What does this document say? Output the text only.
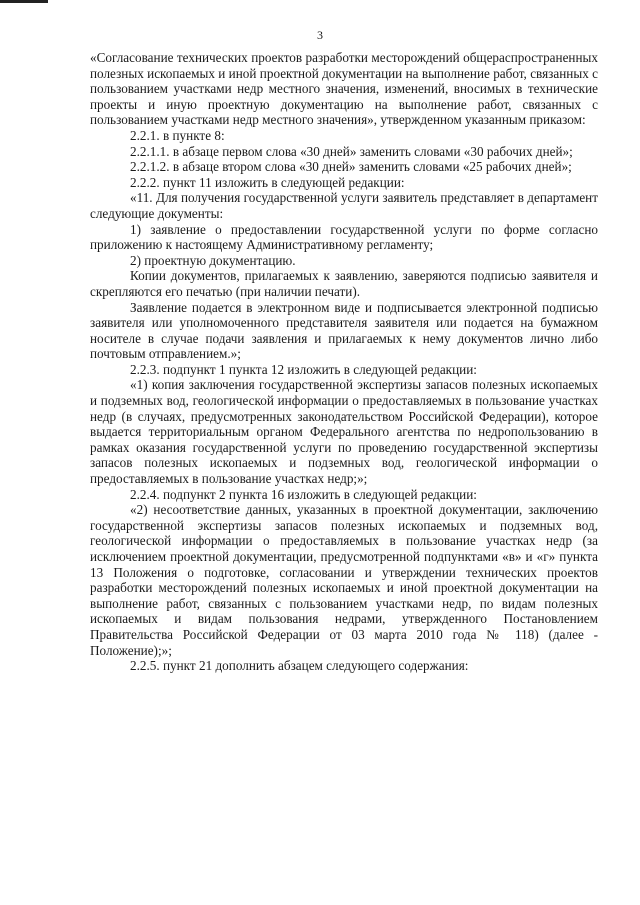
3

«Согласование технических проектов разработки месторождений общераспространенных полезных ископаемых и иной проектной документации на выполнение работ, связанных с пользованием участками недр местного значения, изменений, вносимых в технические проекты и иную проектную документацию на выполнение работ, связанных с пользованием участками недр местного значения», утвержденном указанным приказом:

2.2.1. в пункте 8:

2.2.1.1. в абзаце первом слова «30 дней» заменить словами «30 рабочих дней»;

2.2.1.2. в абзаце втором слова «30 дней» заменить словами «25 рабочих дней»;

2.2.2. пункт 11 изложить в следующей редакции:

«11. Для получения государственной услуги заявитель представляет в департамент следующие документы:

1) заявление о предоставлении государственной услуги по форме согласно приложению к настоящему Административному регламенту;

2) проектную документацию.

Копии документов, прилагаемых к заявлению, заверяются подписью заявителя и скрепляются его печатью (при наличии печати).

Заявление подается в электронном виде и подписывается электронной подписью заявителя или уполномоченного представителя заявителя или подается на бумажном носителе в случае подачи заявления и прилагаемых к нему документов лично либо почтовым отправлением.»;

2.2.3. подпункт 1 пункта 12 изложить в следующей редакции:

«1) копия заключения государственной экспертизы запасов полезных ископаемых и подземных вод, геологической информации о предоставляемых в пользование участках недр (в случаях, предусмотренных законодательством Российской Федерации), которое выдается территориальным органом Федерального агентства по недропользованию в рамках оказания государственной услуги по проведению государственной экспертизы запасов полезных ископаемых и подземных вод, геологической информации о предоставляемых в пользование участках недр;»;

2.2.4. подпункт 2 пункта 16 изложить в следующей редакции:

«2) несоответствие данных, указанных в проектной документации, заключению государственной экспертизы запасов полезных ископаемых и подземных вод, геологической информации о предоставляемых в пользование участках недр (за исключением проектной документации, предусмотренной подпунктами «в» и «г» пункта 13 Положения о подготовке, согласовании и утверждении технических проектов разработки месторождений полезных ископаемых и иной проектной документации на выполнение работ, связанных с пользованием участками недр, по видам полезных ископаемых и видам пользования недрами, утвержденного Постановлением Правительства Российской Федерации от 03 марта 2010 года № 118) (далее - Положение);»;

2.2.5. пункт 21 дополнить абзацем следующего содержания:
